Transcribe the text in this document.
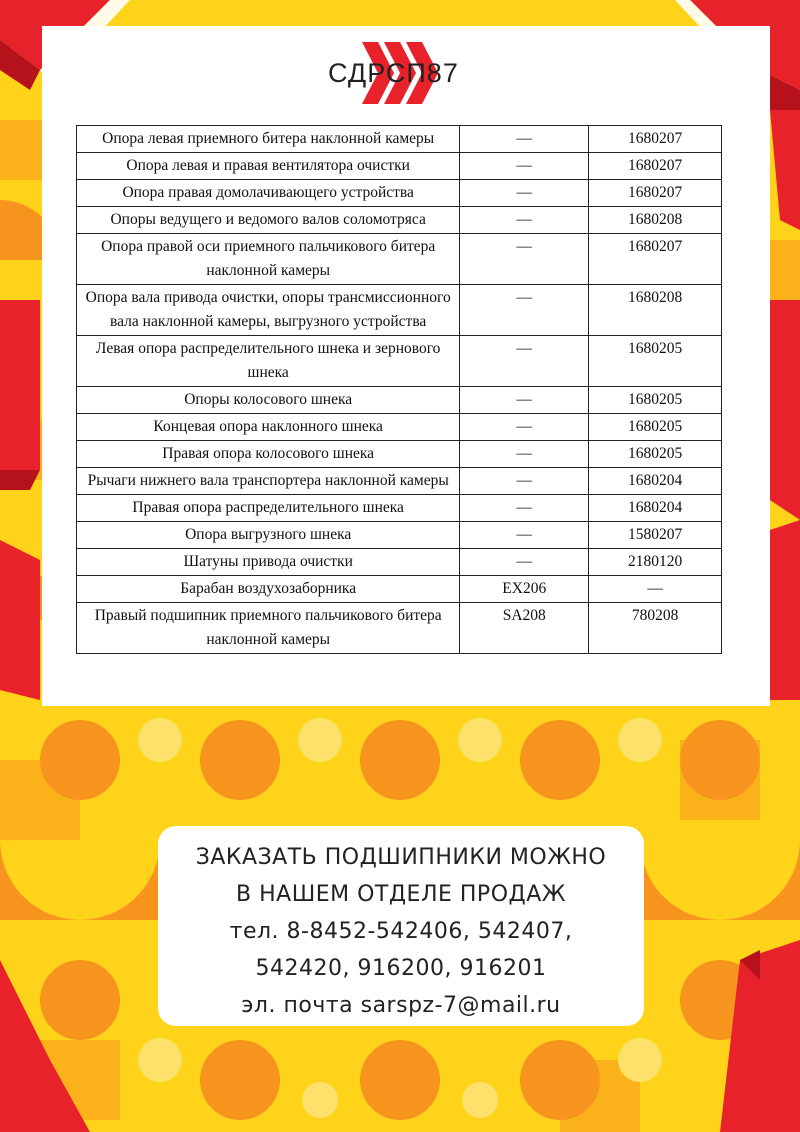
СДРСП87
Опора левая приемного битера наклонной камеры	—	1680207
Опора левая и правая вентилятора очистки	—	1680207
Опора правая домолачивающего устройства	—	1680207
Опоры ведущего и ведомого валов соломотряса	—	1680208
Опора правой оси приемного пальчикового битера наклонной камеры	—	1680207
Опора вала привода очистки, опоры трансмиссионного вала наклонной камеры, выгрузного устройства	—	1680208
Левая опора распределительного шнека и зернового шнека	—	1680205
Опоры колосового шнека	—	1680205
Концевая опора наклонного шнека	—	1680205
Правая опора колосового шнека	—	1680205
Рычаги нижнего вала транспортера наклонной камеры	—	1680204
Правая опора распределительного шнека	—	1680204
Опора выгрузного шнека	—	1580207
Шатуны привода очистки	—	2180120
Барабан воздухозаборника	EX206	—
Правый подшипник приемного пальчикового битера наклонной камеры	SA208	780208
ЗАКАЗАТЬ ПОДШИПНИКИ МОЖНО
В НАШЕМ ОТДЕЛЕ ПРОДАЖ
тел. 8-8452-542406, 542407,
542420, 916200, 916201
эл. почта sarspz-7@mail.ru
